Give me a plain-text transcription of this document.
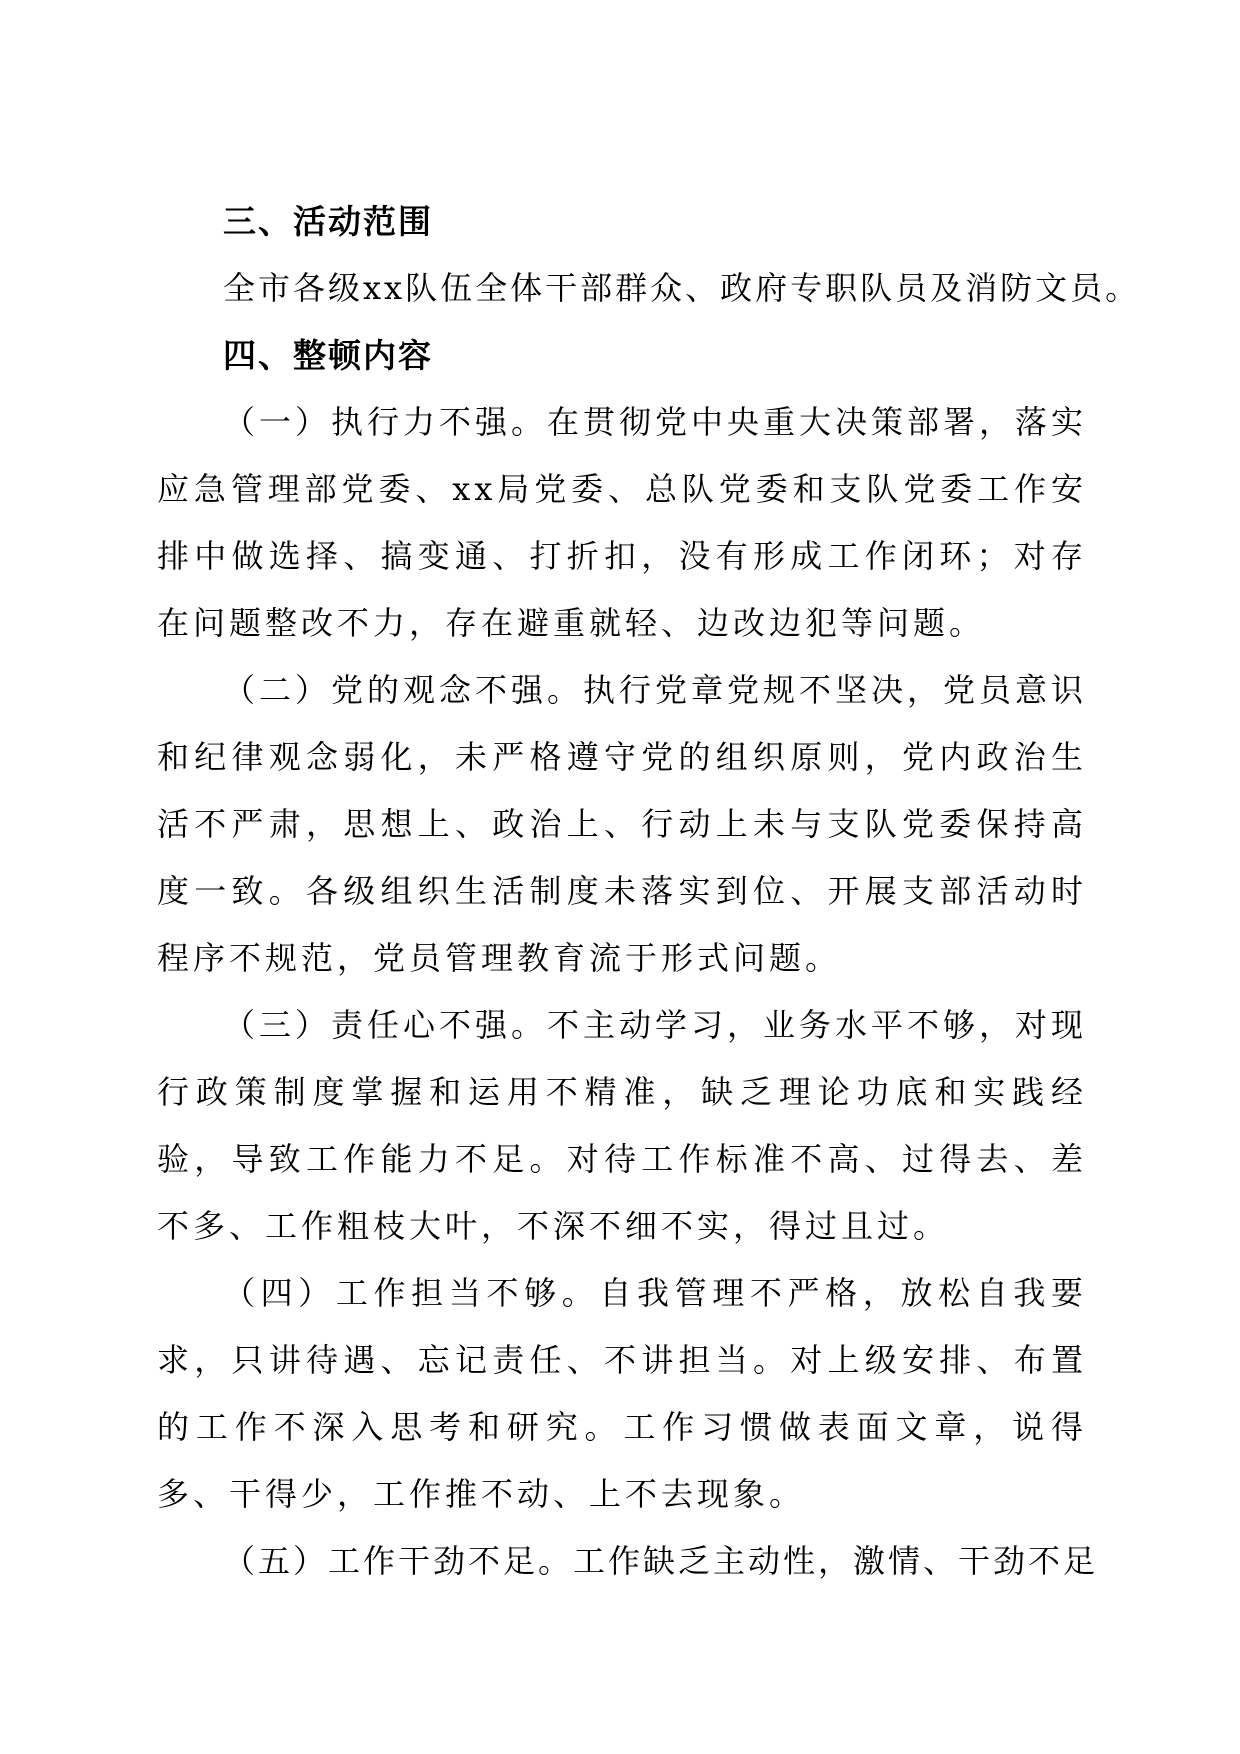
三、活动范围

全市各级xx队伍全体干部群众、政府专职队员及消防文员。

四、整顿内容

（一）执行力不强。在贯彻党中央重大决策部署，落实应急管理部党委、xx局党委、总队党委和支队党委工作安排中做选择、搞变通、打折扣，没有形成工作闭环；对存在问题整改不力，存在避重就轻、边改边犯等问题。

（二）党的观念不强。执行党章党规不坚决，党员意识和纪律观念弱化，未严格遵守党的组织原则，党内政治生活不严肃，思想上、政治上、行动上未与支队党委保持高度一致。各级组织生活制度未落实到位、开展支部活动时程序不规范，党员管理教育流于形式问题。

（三）责任心不强。不主动学习，业务水平不够，对现行政策制度掌握和运用不精准，缺乏理论功底和实践经验，导致工作能力不足。对待工作标准不高、过得去、差不多、工作粗枝大叶，不深不细不实，得过且过。

（四）工作担当不够。自我管理不严格，放松自我要求，只讲待遇、忘记责任、不讲担当。对上级安排、布置的工作不深入思考和研究。工作习惯做表面文章，说得多、干得少，工作推不动、上不去现象。

（五）工作干劲不足。工作缺乏主动性，激情、干劲不足
